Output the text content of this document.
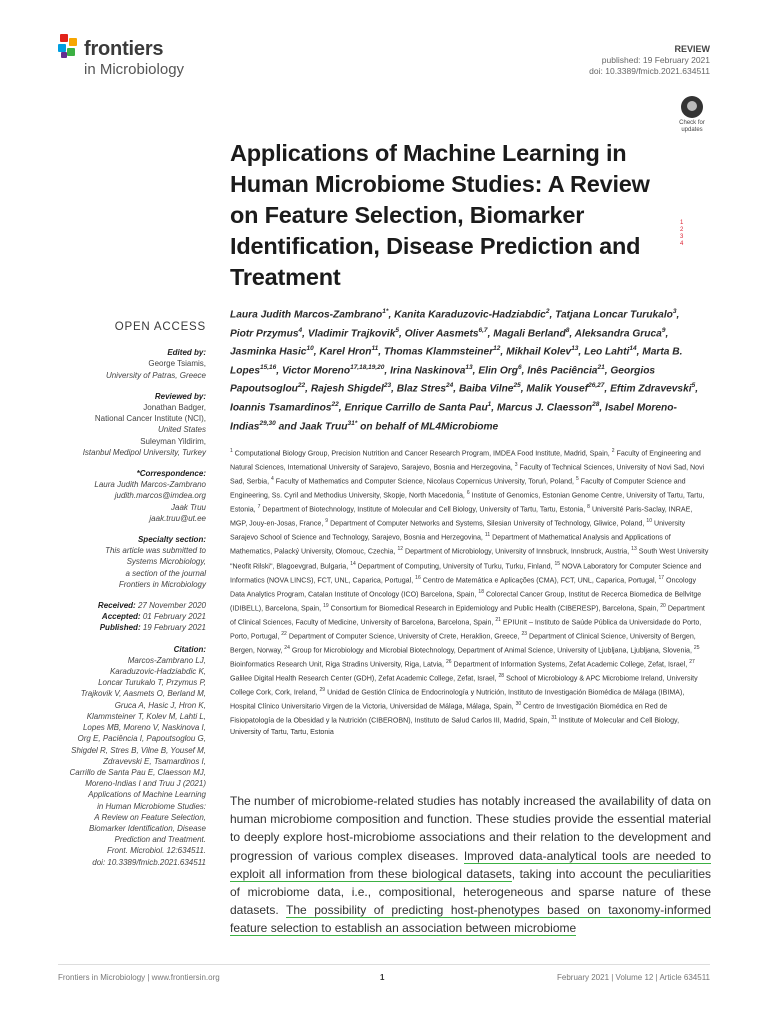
frontiers
in Microbiology
REVIEW
published: 19 February 2021
doi: 10.3389/fmicb.2021.634511
Check for updates
Applications of Machine Learning in Human Microbiome Studies: A Review on Feature Selection, Biomarker Identification, Disease Prediction and Treatment
1
2
3
4
Laura Judith Marcos-Zambrano$^{1*}$, Kanita Karaduzovic-Hadziabdic$^2$, Tatjana Loncar Turukalo$^3$, Piotr Przymus$^4$, Vladimir Trajkovik$^5$, Oliver Aasmets$^{6,7}$, Magali Berland$^8$, Aleksandra Gruca$^9$, Jasminka Hasic$^{10}$, Karel Hron$^{11}$, Thomas Klammsteiner$^{12}$, Mikhail Kolev$^{13}$, Leo Lahti$^{14}$, Marta B. Lopes$^{15,16}$, Victor Moreno$^{17,18,19,20}$, Irina Naskinova$^{13}$, Elin Org$^6$, Inês Paciência$^{21}$, Georgios Papoutsoglou$^{22}$, Rajesh Shigdel$^{23}$, Blaz Stres$^{24}$, Baiba Vilne$^{25}$, Malik Yousef$^{26,27}$, Eftim Zdravevski$^5$, Ioannis Tsamardinos$^{22}$, Enrique Carrillo de Santa Pau$^1$, Marcus J. Claesson$^{28}$, Isabel Moreno-Indias$^{29,30}$ and Jaak Truu$^{31*}$ on behalf of ML4Microbiome

$^1$ Computational Biology Group, Precision Nutrition and Cancer Research Program, IMDEA Food Institute, Madrid, Spain, $^2$ Faculty of Engineering and Natural Sciences, International University of Sarajevo, Sarajevo, Bosnia and Herzegovina, $^3$ Faculty of Technical Sciences, University of Novi Sad, Novi Sad, Serbia, $^4$ Faculty of Mathematics and Computer Science, Nicolaus Copernicus University, Toruń, Poland, $^5$ Faculty of Computer Science and Engineering, Ss. Cyril and Methodius University, Skopje, North Macedonia, $^6$ Institute of Genomics, Estonian Genome Centre, University of Tartu, Tartu, Estonia, $^7$ Department of Biotechnology, Institute of Molecular and Cell Biology, University of Tartu, Tartu, Estonia, $^8$ Université Paris-Saclay, INRAE, MGP, Jouy-en-Josas, France, $^9$ Department of Computer Networks and Systems, Silesian University of Technology, Gliwice, Poland, $^{10}$ University Sarajevo School of Science and Technology, Sarajevo, Bosnia and Herzegovina, $^{11}$ Department of Mathematical Analysis and Applications of Mathematics, Palacký University, Olomouc, Czechia, $^{12}$ Department of Microbiology, University of Innsbruck, Innsbruck, Austria, $^{13}$ South West University "Neofit Rilski", Blagoevgrad, Bulgaria, $^{14}$ Department of Computing, University of Turku, Turku, Finland, $^{15}$ NOVA Laboratory for Computer Science and Informatics (NOVA LINCS), FCT, UNL, Caparica, Portugal, $^{16}$ Centro de Matemática e Aplicações (CMA), FCT, UNL, Caparica, Portugal, $^{17}$ Oncology Data Analytics Program, Catalan Institute of Oncology (ICO) Barcelona, Spain, $^{18}$ Colorectal Cancer Group, Institut de Recerca Biomedica de Bellvitge (IDIBELL), Barcelona, Spain, $^{19}$ Consortium for Biomedical Research in Epidemiology and Public Health (CIBERESP), Barcelona, Spain, $^{20}$ Department of Clinical Sciences, Faculty of Medicine, University of Barcelona, Barcelona, Spain, $^{21}$ EPIUnit – Instituto de Saúde Pública da Universidade do Porto, Porto, Portugal, $^{22}$ Department of Computer Science, University of Crete, Heraklion, Greece, $^{23}$ Department of Clinical Science, University of Bergen, Bergen, Norway, $^{24}$ Group for Microbiology and Microbial Biotechnology, Department of Animal Science, University of Ljubljana, Ljubljana, Slovenia, $^{25}$ Bioinformatics Research Unit, Riga Stradins University, Riga, Latvia, $^{26}$ Department of Information Systems, Zefat Academic College, Zefat, Israel, $^{27}$ Galilee Digital Health Research Center (GDH), Zefat Academic College, Zefat, Israel, $^{28}$ School of Microbiology & APC Microbiome Ireland, University College Cork, Cork, Ireland, $^{29}$ Unidad de Gestión Clínica de Endocrinología y Nutrición, Instituto de Investigación Biomédica de Málaga (IBIMA), Hospital Clínico Universitario Virgen de la Victoria, Universidad de Málaga, Málaga, Spain, $^{30}$ Centro de Investigación Biomédica en Red de Fisiopatología de la Obesidad y la Nutrición (CIBEROBN), Instituto de Salud Carlos III, Madrid, Spain, $^{31}$ Institute of Molecular and Cell Biology, University of Tartu, Tartu, Estonia

OPEN ACCESS
Edited by:
George Tsiamis,
University of Patras, Greece
Reviewed by:
Jonathan Badger,
National Cancer Institute (NCI),
United States
Suleyman Yildirim,
Istanbul Medipol University, Turkey
*Correspondence:
Laura Judith Marcos-Zambrano
judith.marcos@imdea.org
Jaak Truu
jaak.truu@ut.ee
Specialty section:
This article was submitted to
Systems Microbiology,
a section of the journal
Frontiers in Microbiology
Received: 27 November 2020
Accepted: 01 February 2021
Published: 19 February 2021
Citation:
Marcos-Zambrano LJ,
Karaduzovic-Hadziabdic K,
Loncar Turukalo T, Przymus P,
Trajkovik V, Aasmets O, Berland M,
Gruca A, Hasic J, Hron K,
Klammsteiner T, Kolev M, Lahti L,
Lopes MB, Moreno V, Naskinova I,
Org E, Paciência I, Papoutsoglou G,
Shigdel R, Stres B, Vilne B, Yousef M,
Zdravevski E, Tsamardinos I,
Carrillo de Santa Pau E, Claesson MJ,
Moreno-Indias I and Truu J (2021)
Applications of Machine Learning
in Human Microbiome Studies:
A Review on Feature Selection,
Biomarker Identification, Disease
Prediction and Treatment.
Front. Microbiol. 12:634511.
doi: 10.3389/fmicb.2021.634511

The number of microbiome-related studies has notably increased the availability of data on human microbiome composition and function. These studies provide the essential material to deeply explore host-microbiome associations and their relation to the development and progression of various complex diseases. Improved data-analytical tools are needed to exploit all information from these biological datasets, taking into account the peculiarities of microbiome data, i.e., compositional, heterogeneous and sparse nature of these datasets. The possibility of predicting host-phenotypes based on taxonomy-informed feature selection to establish an association between microbiome

Frontiers in Microbiology | www.frontiersin.org	1	February 2021 | Volume 12 | Article 634511
